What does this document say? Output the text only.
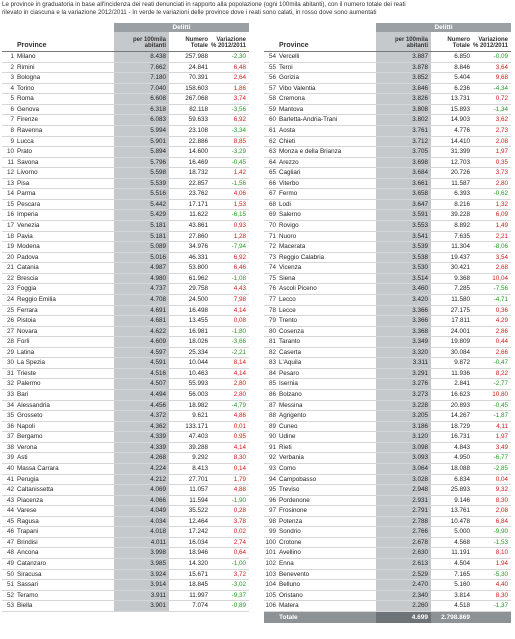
Le province in graduatoria in base all'incidenza dei reati denunciati in rapporto alla popolazione (ogni 100mila abitanti), con il numero totale dei reati
rilevato in ciascuna e la variazione 2012/2011 - In verde le variazioni delle province dove i reati sono calati, in rosso dove sono aumentati
Delitti
Province
per 100mila abitanti
Numero Totale
Variazione % 2012/2011
1 Milano	8.438	257.988	-2,30
2 Rimini	7.662	24.841	6,48
3 Bologna	7.180	70.391	2,64
4 Torino	7.040	158.603	1,86
5 Roma	6.608	267.068	3,74
6 Genova	6.318	82.118	-3,56
7 Firenze	6.083	59.633	6,92
8 Ravenna	5.994	23.108	-3,34
9 Lucca	5.901	22.886	8,85
10 Prato	5.894	14.600	-3,29
11 Savona	5.796	16.469	-0,45
12 Livorno	5.598	18.732	1,42
13 Pisa	5.539	22.857	-1,56
14 Parma	5.516	23.762	4,06
15 Pescara	5.442	17.171	1,53
16 Imperia	5.429	11.622	-6,15
17 Venezia	5.181	43.861	0,93
18 Pavia	5.181	27.860	1,28
19 Modena	5.089	34.976	-7,94
20 Padova	5.016	46.331	6,92
21 Catania	4.987	53.800	6,46
22 Brescia	4.980	61.962	-1,08
23 Foggia	4.737	29.758	4,43
24 Reggio Emilia	4.708	24.500	7,98
25 Ferrara	4.691	16.498	4,14
26 Pistoia	4.681	13.455	0,08
27 Novara	4.622	16.981	-1,80
28 Forlì	4.609	18.026	-3,66
29 Latina	4.597	25.334	-2,21
30 La Spezia	4.591	10.044	8,14
31 Trieste	4.516	10.463	4,14
32 Palermo	4.507	55.993	2,80
33 Bari	4.494	56.003	2,80
34 Alessandria	4.456	18.982	-4,79
35 Grosseto	4.372	9.621	4,86
36 Napoli	4.362	133.171	0,01
37 Bergamo	4.339	47.403	0,95
38 Verona	4.339	39.288	4,14
39 Asti	4.268	9.292	8,30
40 Massa Carrara	4.224	8.413	0,14
41 Perugia	4.212	27.701	1,79
42 Caltanissetta	4.069	11.057	4,88
43 Piacenza	4.066	11.594	-1,90
44 Varese	4.049	35.522	0,28
45 Ragusa	4.034	12.464	3,78
46 Trapani	4.018	17.242	0,02
47 Brindisi	4.011	16.034	2,74
48 Ancona	3.998	18.946	0,64
49 Catanzaro	3.985	14.320	-1,00
50 Siracusa	3.924	15.671	3,72
51 Sassari	3.914	18.845	-3,02
52 Teramo	3.911	11.997	-9,37
53 Biella	3.901	7.074	-0,89
Delitti
Province
per 100mila abitanti
Numero Totale
Variazione % 2012/2011
54 Vercelli	3.887	6.850	-0,09
55 Terni	3.878	8.846	3,64
56 Gorizia	3.852	5.404	9,68
57 Vibo Valentia	3.846	6.236	-4,34
58 Cremona	3.826	13.731	0,72
59 Mantova	3.808	15.893	-1,34
60 Barletta-Andria-Trani	3.802	14.903	3,62
61 Aosta	3.761	4.776	2,73
62 Chieti	3.712	14.410	2,08
63 Monza e della Brianza	3.705	31.399	1,97
64 Arezzo	3.698	12.703	0,35
65 Cagliari	3.684	20.726	3,73
66 Viterbo	3.661	11.587	2,80
67 Fermo	3.658	6.393	-0,62
68 Lodi	3.647	8.216	1,32
69 Salerno	3.591	39.228	6,09
70 Rovigo	3.553	8.892	1,49
71 Nuoro	3.541	7.635	2,21
72 Macerata	3.539	11.304	-8,06
73 Reggio Calabria	3.538	19.437	3,54
74 Vicenza	3.530	30.421	2,68
75 Siena	3.514	9.368	10,04
76 Ascoli Piceno	3.460	7.285	-7,56
77 Lecco	3.420	11.580	-4,71
78 Lecce	3.366	27.175	0,36
79 Trento	3.366	17.811	4,29
80 Cosenza	3.368	24.001	2,86
81 Taranto	3.349	19.809	0,44
82 Caserta	3.320	30.084	2,66
83 L'Aquila	3.311	9.872	-0,47
84 Pesaro	3.291	11.936	8,22
85 Isernia	3.276	2.841	-2,77
86 Bolzano	3.273	16.623	10,80
87 Messina	3.228	20.893	-0,45
88 Agrigento	3.205	14.267	-1,87
89 Cuneo	3.186	18.729	4,11
90 Udine	3.120	16.731	1,97
91 Rieti	3.098	4.843	3,49
92 Verbania	3.093	4.950	-6,77
93 Como	3.064	18.088	-2,85
94 Campobasso	3.028	6.834	0,04
95 Treviso	2.948	25.893	9,32
96 Pordenone	2.931	9.146	8,30
97 Frosinone	2.791	13.761	2,08
98 Potenza	2.788	10.478	6,84
99 Sondrio	2.766	5.000	-9,90
100 Crotone	2.678	4.568	-1,53
101 Avellino	2.630	11.191	8,10
102 Enna	2.613	4.504	1,94
103 Benevento	2.529	7.165	-5,30
104 Belluno	2.470	5.160	4,40
105 Oristano	2.340	3.814	8,30
106 Matera	2.260	4.518	-1,37
Totale	4.699	2.798.869
